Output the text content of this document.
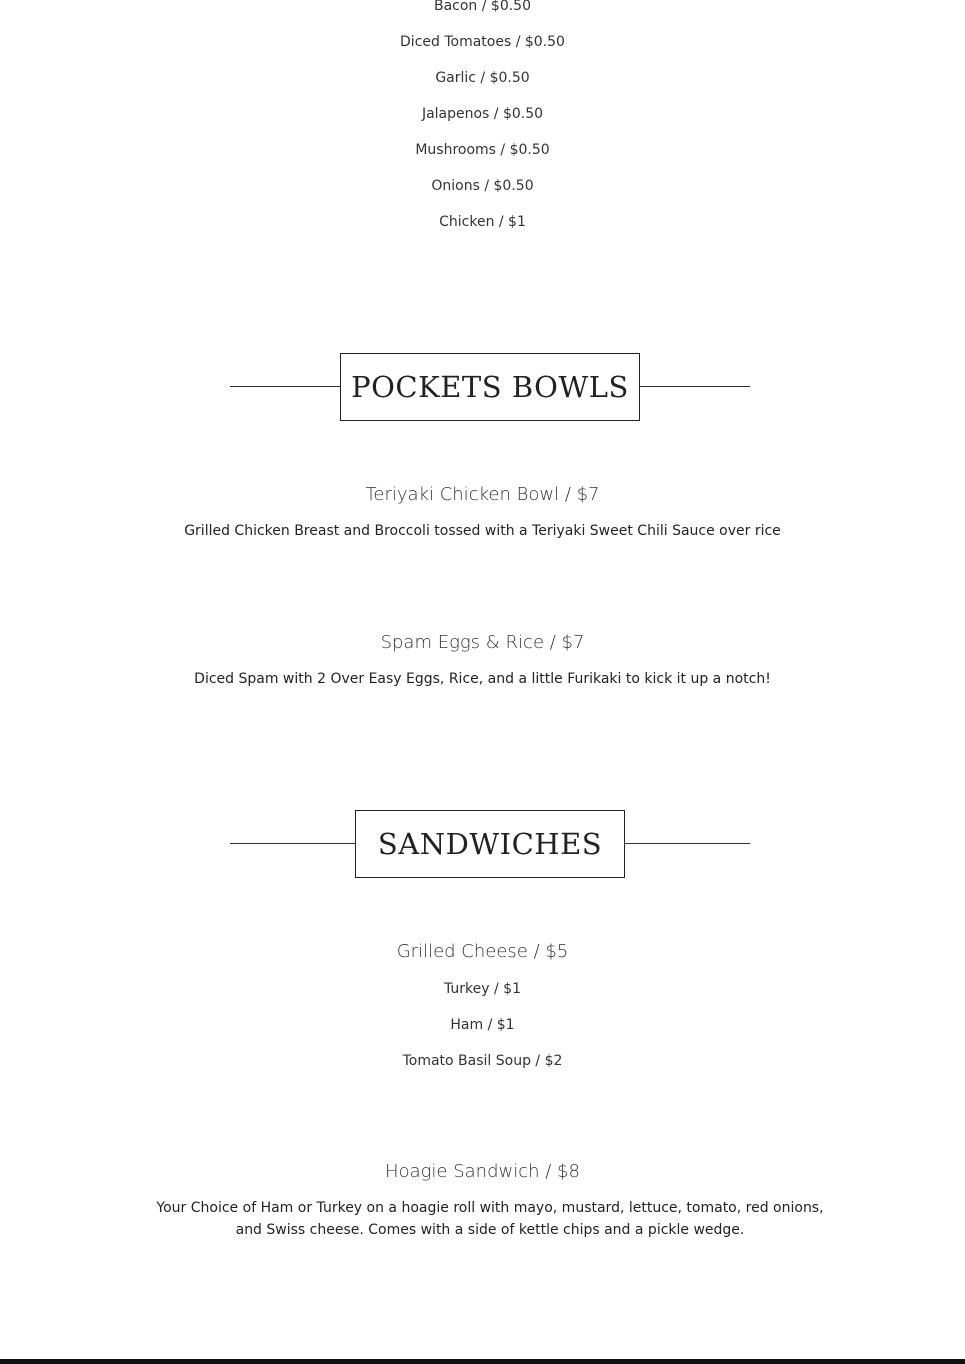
Bacon / $0.50
Diced Tomatoes / $0.50
Garlic / $0.50
Jalapenos / $0.50
Mushrooms / $0.50
Onions / $0.50
Chicken / $1
POCKETS BOWLS
Teriyaki Chicken Bowl / $7
Grilled Chicken Breast and Broccoli tossed with a Teriyaki Sweet Chili Sauce over rice
Spam Eggs & Rice / $7
Diced Spam with 2 Over Easy Eggs, Rice, and a little Furikaki to kick it up a notch!
SANDWICHES
Grilled Cheese / $5
Turkey / $1
Ham / $1
Tomato Basil Soup / $2
Hoagie Sandwich / $8
Your Choice of Ham or Turkey on a hoagie roll with mayo, mustard, lettuce, tomato, red onions, and Swiss cheese. Comes with a side of kettle chips and a pickle wedge.
